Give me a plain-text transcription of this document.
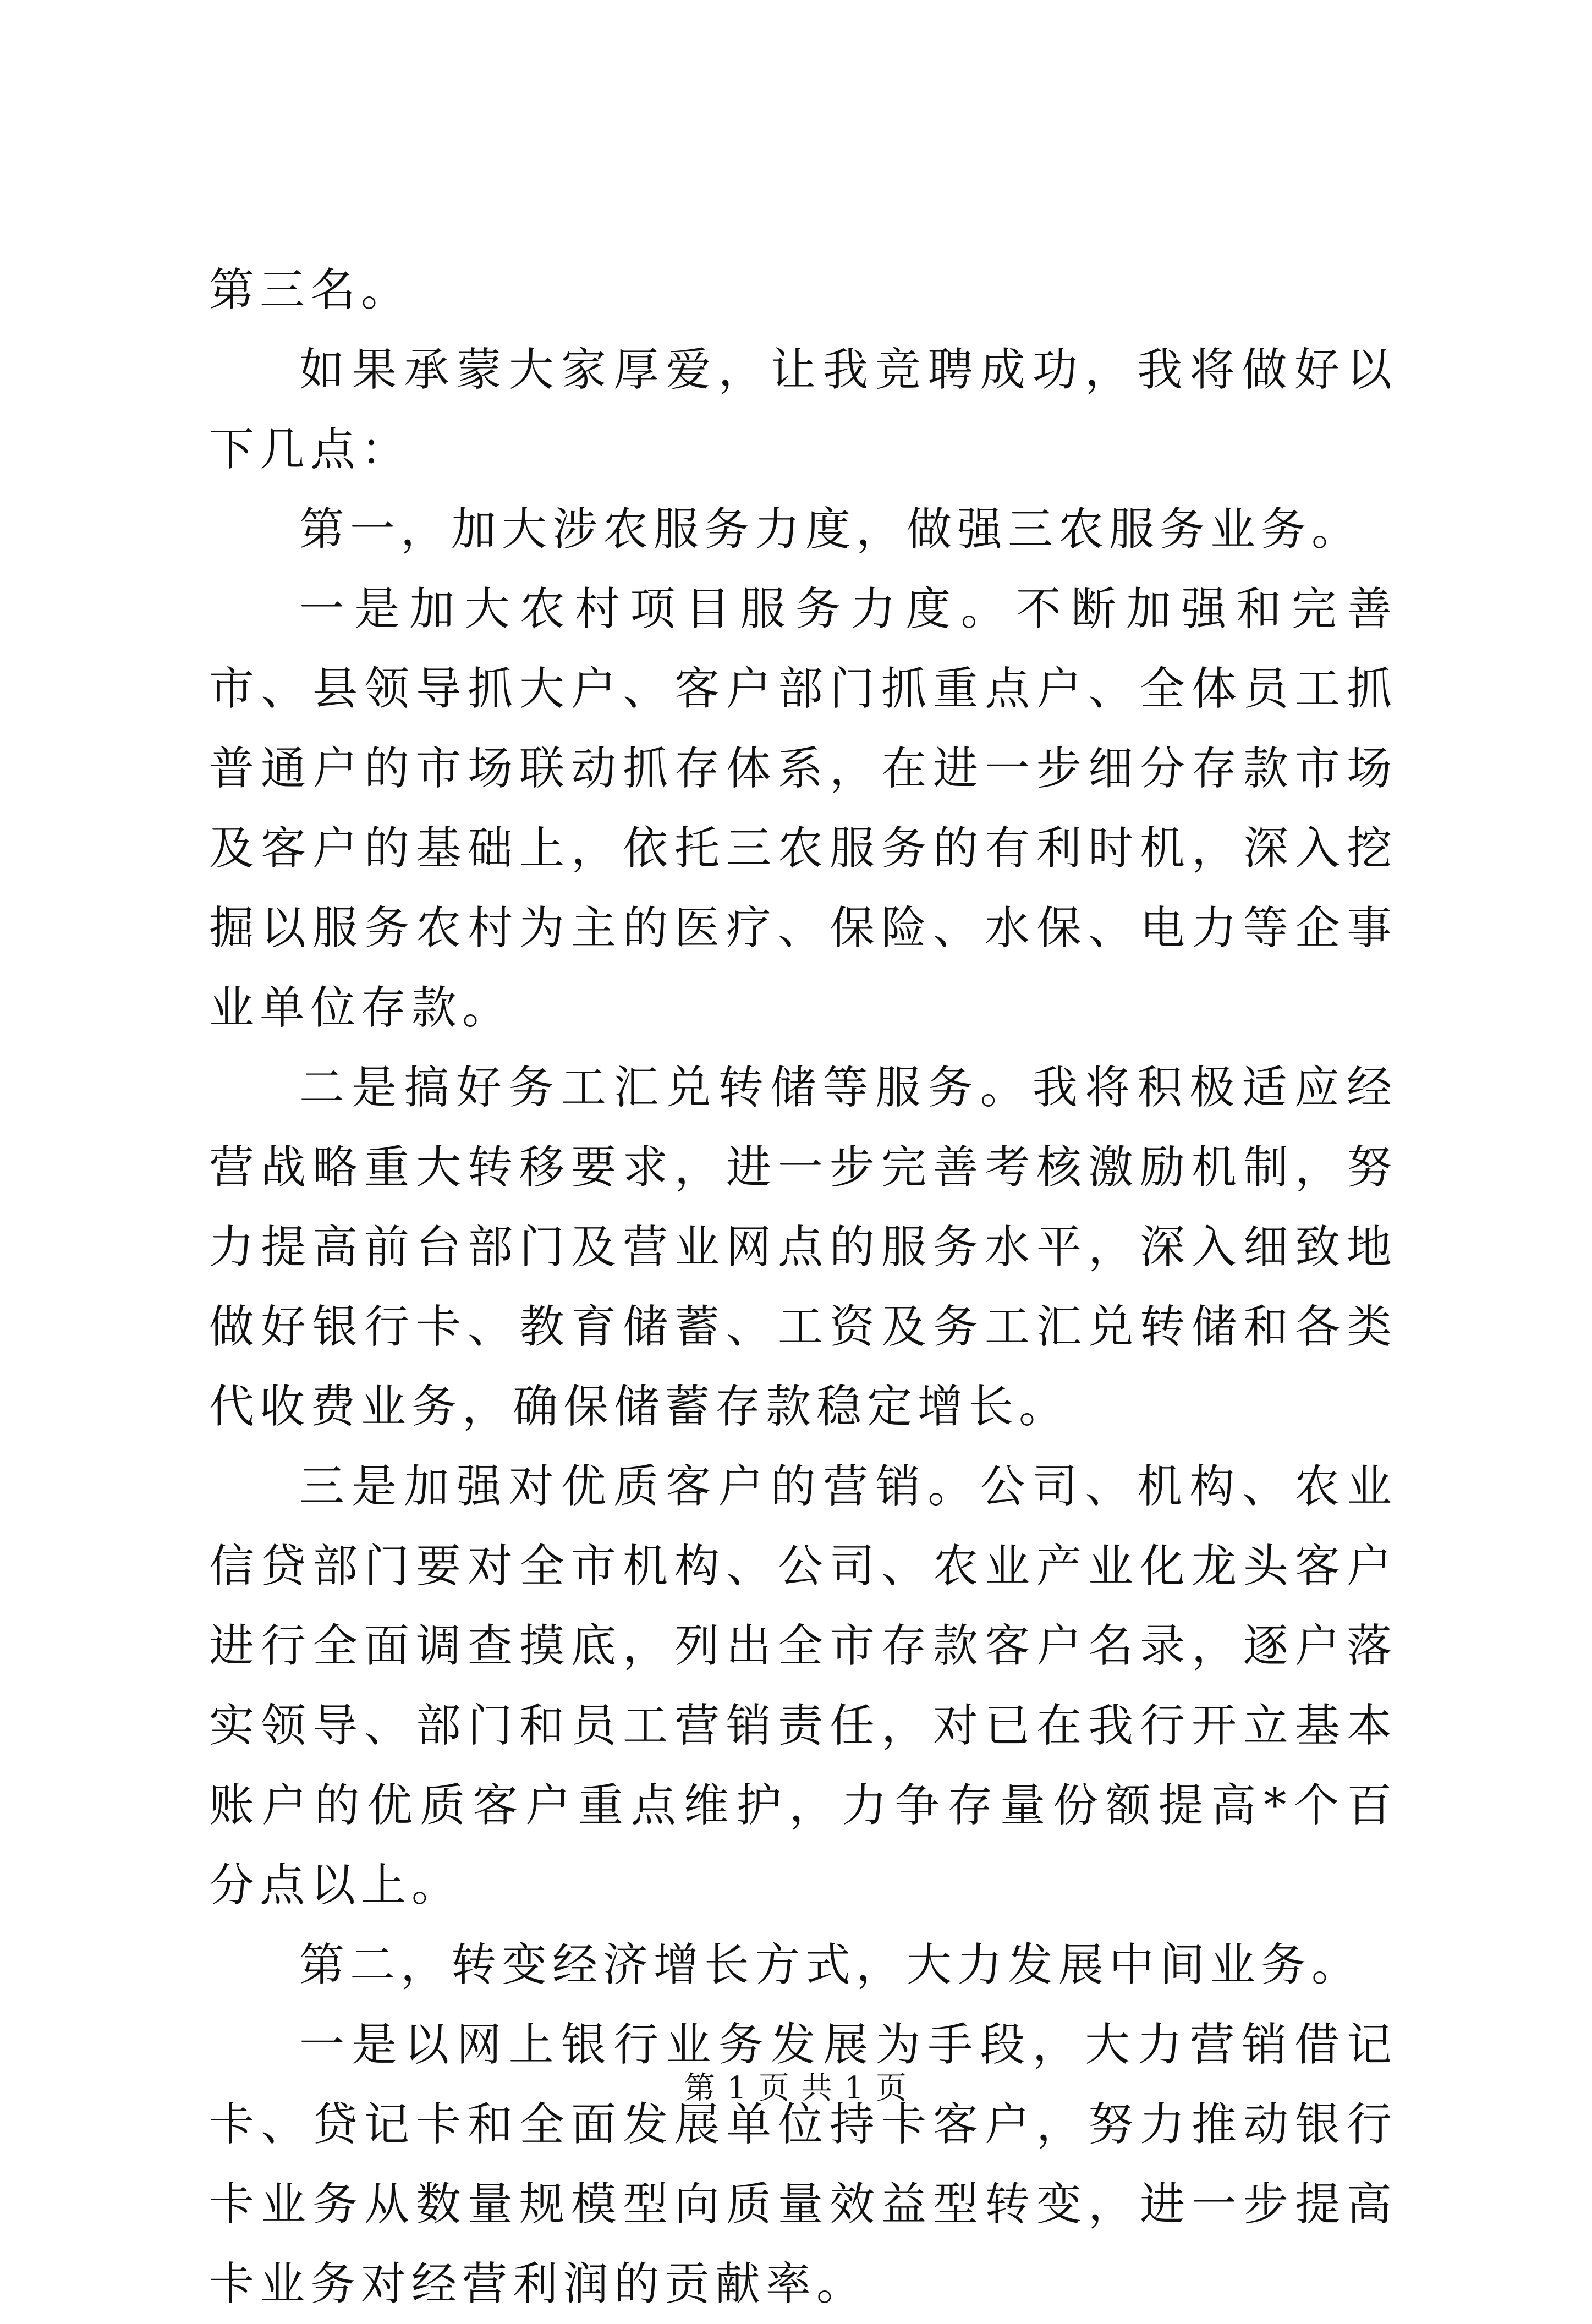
第三名。

如果承蒙大家厚爱，让我竞聘成功，我将做好以下几点：

第一，加大涉农服务力度，做强三农服务业务。

一是加大农村项目服务力度。不断加强和完善市、县领导抓大户、客户部门抓重点户、全体员工抓普通户的市场联动抓存体系，在进一步细分存款市场及客户的基础上，依托三农服务的有利时机，深入挖掘以服务农村为主的医疗、保险、水保、电力等企事业单位存款。

二是搞好务工汇兑转储等服务。我将积极适应经营战略重大转移要求，进一步完善考核激励机制，努力提高前台部门及营业网点的服务水平，深入细致地做好银行卡、教育储蓄、工资及务工汇兑转储和各类代收费业务，确保储蓄存款稳定增长。

三是加强对优质客户的营销。公司、机构、农业信贷部门要对全市机构、公司、农业产业化龙头客户进行全面调查摸底，列出全市存款客户名录，逐户落实领导、部门和员工营销责任，对已在我行开立基本账户的优质客户重点维护，力争存量份额提高*个百分点以上。

第二，转变经济增长方式，大力发展中间业务。

一是以网上银行业务发展为手段，大力营销借记卡、贷记卡和全面发展单位持卡客户，努力推动银行卡业务从数量规模型向质量效益型转变，进一步提高卡业务对经营利润的贡献率。

第 1 页 共 1 页
